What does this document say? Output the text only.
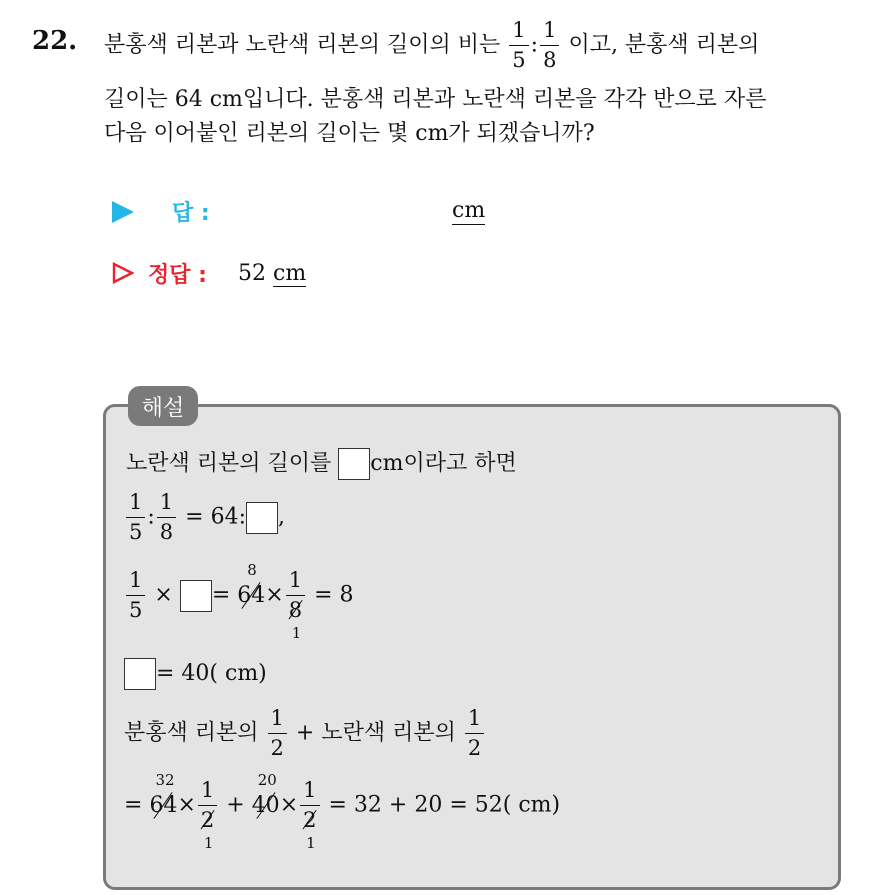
22. 분홍색 리본과 노란색 리본의 길이의 비는 $\frac{1}{5}$ : $\frac{1}{8}$ 이고, 분홍색 리본의
길이는 64 cm입니다. 분홍색 리본과 노란색 리본을 각각 반으로 자른
다음 이어붙인 리본의 길이는 몇 cm가 되겠습니까?
답 :	cm
정답 : 52 cm
해설
노란색 리본의 길이를 cm이라고 하면
$\frac{1}{5}$ : $\frac{1}{8} = 64$: ,
$\frac{1}{5}$ × = 64
8
×
1
8
1
= 8
= 40( cm)
분홍색 리본의 $\frac{1}{2}$ + 노란색 리본의 $\frac{1}{2}$
= 64
32
×
1
2
1
+ 40
20
×
1
2
1
= 32 + 20 = 52( cm)
